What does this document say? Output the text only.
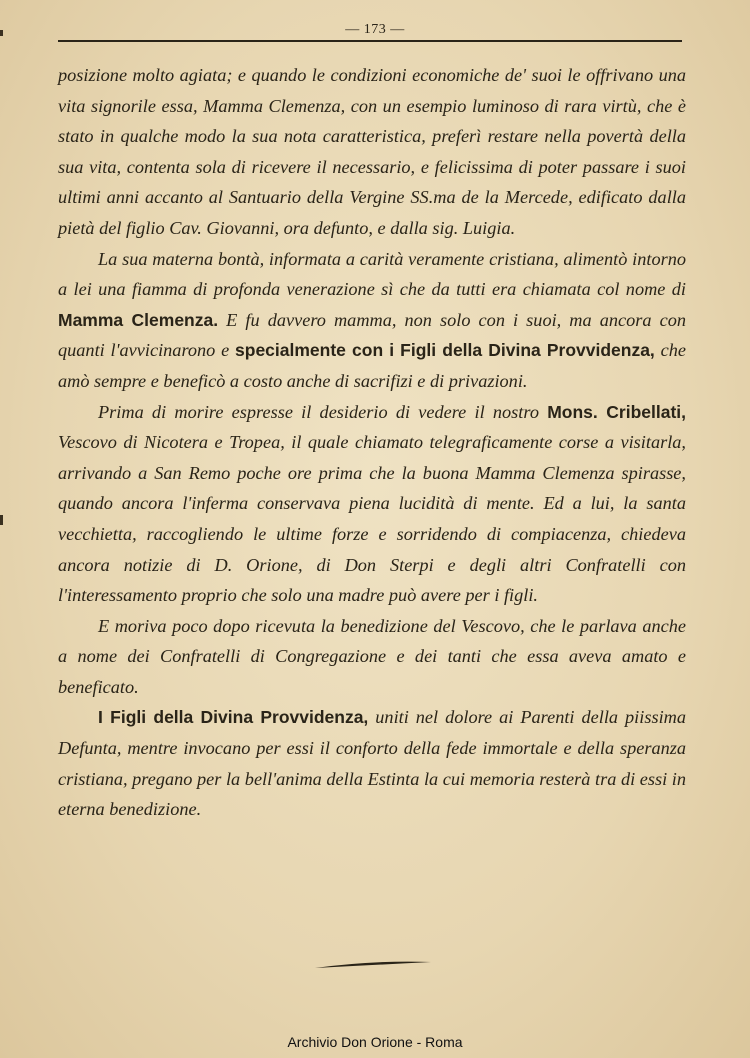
— 173 —

posizione molto agiata; e quando le condizioni economiche de' suoi le offrivano una vita signorile essa, Mamma Clemenza, con un esempio luminoso di rara virtù, che è stato in qualche modo la sua nota caratteristica, preferì restare nella povertà della sua vita, contenta sola di ricevere il necessario, e felicissima di poter passare i suoi ultimi anni accanto al Santuario della Vergine SS.ma de la Mercede, edificato dalla pietà del figlio Cav. Giovanni, ora defunto, e dalla sig. Luigia.

La sua materna bontà, informata a carità veramente cristiana, alimentò intorno a lei una fiamma di profonda venerazione sì che da tutti era chiamata col nome di Mamma Clemenza. E fu davvero mamma, non solo con i suoi, ma ancora con quanti l'avvicinarono e specialmente con i Figli della Divina Provvidenza, che amò sempre e beneficò a costo anche di sacrifizi e di privazioni.

Prima di morire espresse il desiderio di vedere il nostro Mons. Cribellati, Vescovo di Nicotera e Tropea, il quale chiamato telegraficamente corse a visitarla, arrivando a San Remo poche ore prima che la buona Mamma Clemenza spirasse, quando ancora l'inferma conservava piena lucidità di mente. Ed a lui, la santa vecchietta, raccogliendo le ultime forze e sorridendo di compiacenza, chiedeva ancora notizie di D. Orione, di Don Sterpi e degli altri Confratelli con l'interessamento proprio che solo una madre può avere per i figli.

E moriva poco dopo ricevuta la benedizione del Vescovo, che le parlava anche a nome dei Confratelli di Congregazione e dei tanti che essa aveva amato e beneficato.

I Figli della Divina Provvidenza, uniti nel dolore ai Parenti della piissima Defunta, mentre invocano per essi il conforto della fede immortale e della speranza cristiana, pregano per la bell'anima della Estinta la cui memoria resterà tra di essi in eterna benedizione.

Archivio Don Orione - Roma
